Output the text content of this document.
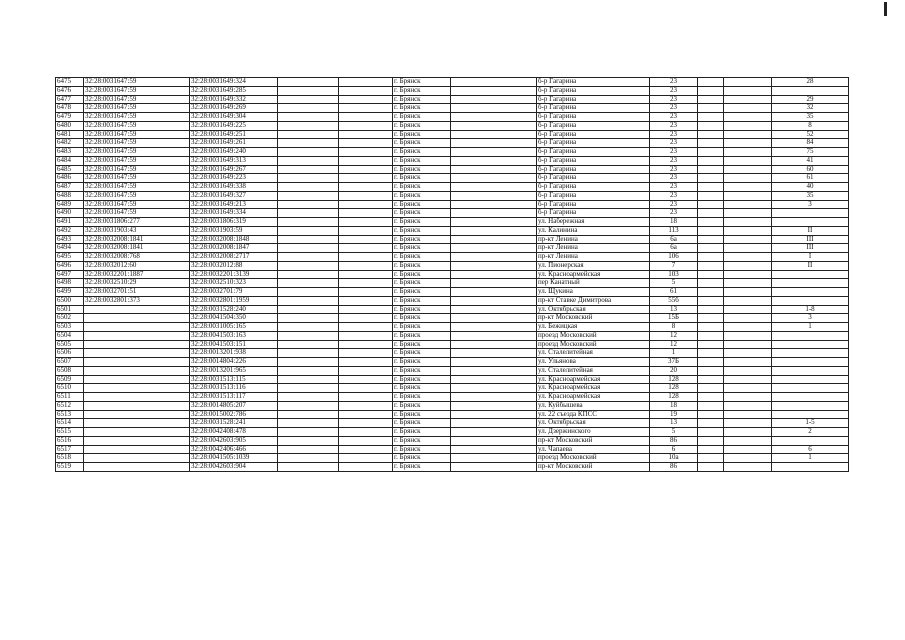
6475	32:28:0031647:59	32:28:0031649:324			г. Брянск		б-р Гагарина	23			28
6476	32:28:0031647:59	32:28:0031649:285			г. Брянск		б-р Гагарина	23			
6477	32:28:0031647:59	32:28:0031649:332			г. Брянск		б-р Гагарина	23			29
6478	32:28:0031647:59	32:28:0031649:269			г. Брянск		б-р Гагарина	23			32
6479	32:28:0031647:59	32:28:0031649:304			г. Брянск		б-р Гагарина	23			35
6480	32:28:0031647:59	32:28:0031649:225			г. Брянск		б-р Гагарина	23			8
6481	32:28:0031647:59	32:28:0031649:251			г. Брянск		б-р Гагарина	23			52
6482	32:28:0031647:59	32:28:0031649:261			г. Брянск		б-р Гагарина	23			84
6483	32:28:0031647:59	32:28:0031649:240			г. Брянск		б-р Гагарина	23			75
6484	32:28:0031647:59	32:28:0031649:313			г. Брянск		б-р Гагарина	23			41
6485	32:28:0031647:59	32:28:0031649:267			г. Брянск		б-р Гагарина	23			60
6486	32:28:0031647:59	32:28:0031649:223			г. Брянск		б-р Гагарина	23			61
6487	32:28:0031647:59	32:28:0031649:338			г. Брянск		б-р Гагарина	23			40
6488	32:28:0031647:59	32:28:0031649:327			г. Брянск		б-р Гагарина	23			35
6489	32:28:0031647:59	32:28:0031649:213			г. Брянск		б-р Гагарина	23			3
6490	32:28:0031647:59	32:28:0031649:334			г. Брянск		б-р Гагарина	23			
6491	32:28:0031806:277	32:28:0031806:319			г. Брянск		ул. Набережная	18			
6492	32:28:0031903:43	32:28:0031903:59			г. Брянск		ул. Калинина	113			II
6493	32:28:0032008:1841	32:28:0032008:1848			г. Брянск		пр-кт Ленина	6а			III
6494	32:28:0032008:1841	32:28:0032008:1847			г. Брянск		пр-кт Ленина	6а			III
6495	32:28:0032008:768	32:28:0032008:2717			г. Брянск		пр-кт Ленина	106			I
6496	32:28:0032012:60	32:28:0032012:88			г. Брянск		ул. Пионерская	7			II
6497	32:28:0032201:1887	32:28:0032201:3139			г. Брянск		ул. Красноармейская	103			
6498	32:28:0032510:29	32:28:0032510:323			г. Брянск		пер Канатный	5			
6499	32:28:0032701:51	32:28:0032701:79			г. Брянск		ул. Щукина	61			
6500	32:28:0032801:373	32:28:0032801:1959			г. Брянск		пр-кт Ставке Димитрова	55б			
6501		32:28:0031528:240			г. Брянск		ул. Октябрьская	13			1-8
6502		32:28:0041504:350			г. Брянск		пр-кт Московский	15Б			3
6503		32:28:0031005:165			г. Брянск		ул. Бежицкая	8			1
6504		32:28:0041503:163			г. Брянск		проезд Московский	12			
6505		32:28:0041503:151			г. Брянск		проезд Московский	12			
6506		32:28:0013201:938			г. Брянск		ул. Сталелитейная	1			
6507		32:28:0014804:226			г. Брянск		ул. Ульянова	37Б			
6508		32:28:0013201:965			г. Брянск		ул. Сталелитейная	20			
6509		32:28:0031513:115			г. Брянск		ул. Красноармейская	128			
6510		32:28:0031513:116			г. Брянск		ул. Красноармейская	128			
6511		32:28:0031513:117			г. Брянск		ул. Красноармейская	128			
6512		32:28:0014805:207			г. Брянск		ул. Куйбышева	18			
6513		32:28:0015002:786			г. Брянск		ул. 22 съезда КПСС	19			
6514		32:28:0031528:241			г. Брянск		ул. Октябрьская	13			1-5
6515		32:28:0042408:478			г. Брянск		ул. Дзержинского	5			2
6516		32:28:0042603:905			г. Брянск		пр-кт Московский	86			
6517		32:28:0042406:466			г. Брянск		ул. Чапаева	6			6
6518		32:28:0041505:1039			г. Брянск		проезд Московский	10а			1
6519		32:28:0042603:904			г. Брянск		пр-кт Московский	86			
